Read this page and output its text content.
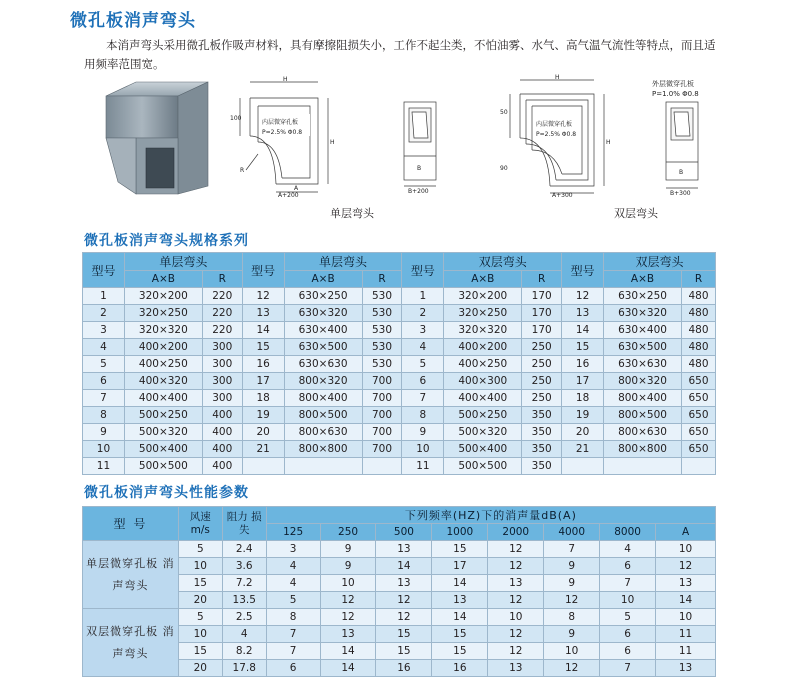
微孔板消声弯头

本消声弯头采用微孔板作吸声材料，具有摩擦阻损失小，工作不起尘类，不怕油雾、水气、高气温气流性等特点，而且适用频率范围宽。

内层微穿孔板
P=2.5% Φ0.8
H
H
A
100
R
A+200
B
B+200
内层微穿孔板
P=2.5% Φ0.8
H
H
50
90
A+300
外层微穿孔板
P=1.0% Φ0.8
B
B+300
单层弯头	双层弯头
微孔板消声弯头规格系列
型号	单层弯头		型号	单层弯头		型号	双层弯头		型号	双层弯头	
	A×B	R		A×B	R		A×B	R		A×B	R
1	320×200	220	12	630×250	530	1	320×200	170	12	630×250	480
2	320×250	220	13	630×320	530	2	320×250	170	13	630×320	480
3	320×320	220	14	630×400	530	3	320×320	170	14	630×400	480
4	400×200	300	15	630×500	530	4	400×200	250	15	630×500	480
5	400×250	300	16	630×630	530	5	400×250	250	16	630×630	480
6	400×320	300	17	800×320	700	6	400×300	250	17	800×320	650
7	400×400	300	18	800×400	700	7	400×400	250	18	800×400	650
8	500×250	400	19	800×500	700	8	500×250	350	19	800×500	650
9	500×320	400	20	800×630	700	9	500×320	350	20	800×630	650
10	500×400	400	21	800×800	700	10	500×400	350	21	800×800	650
11	500×500	400				11	500×500	350			
微孔板消声弯头性能参数
型 号	风速 m/s	阻力 损失	下列频率(HZ)下的消声量dB(A)							
			125	250	500	1000	2000	4000	8000	A
单层微穿孔板 消声弯头	5	2.4	3	9	13	15	12	7	4	10
	10	3.6	4	9	14	17	12	9	6	12
	15	7.2	4	10	13	14	13	9	7	13
	20	13.5	5	12	12	13	12	12	10	14
双层微穿孔板 消声弯头	5	2.5	8	12	12	14	10	8	5	10
	10	4	7	13	15	15	12	9	6	11
	15	8.2	7	14	15	15	12	10	6	11
	20	17.8	6	14	16	16	13	12	7	13
